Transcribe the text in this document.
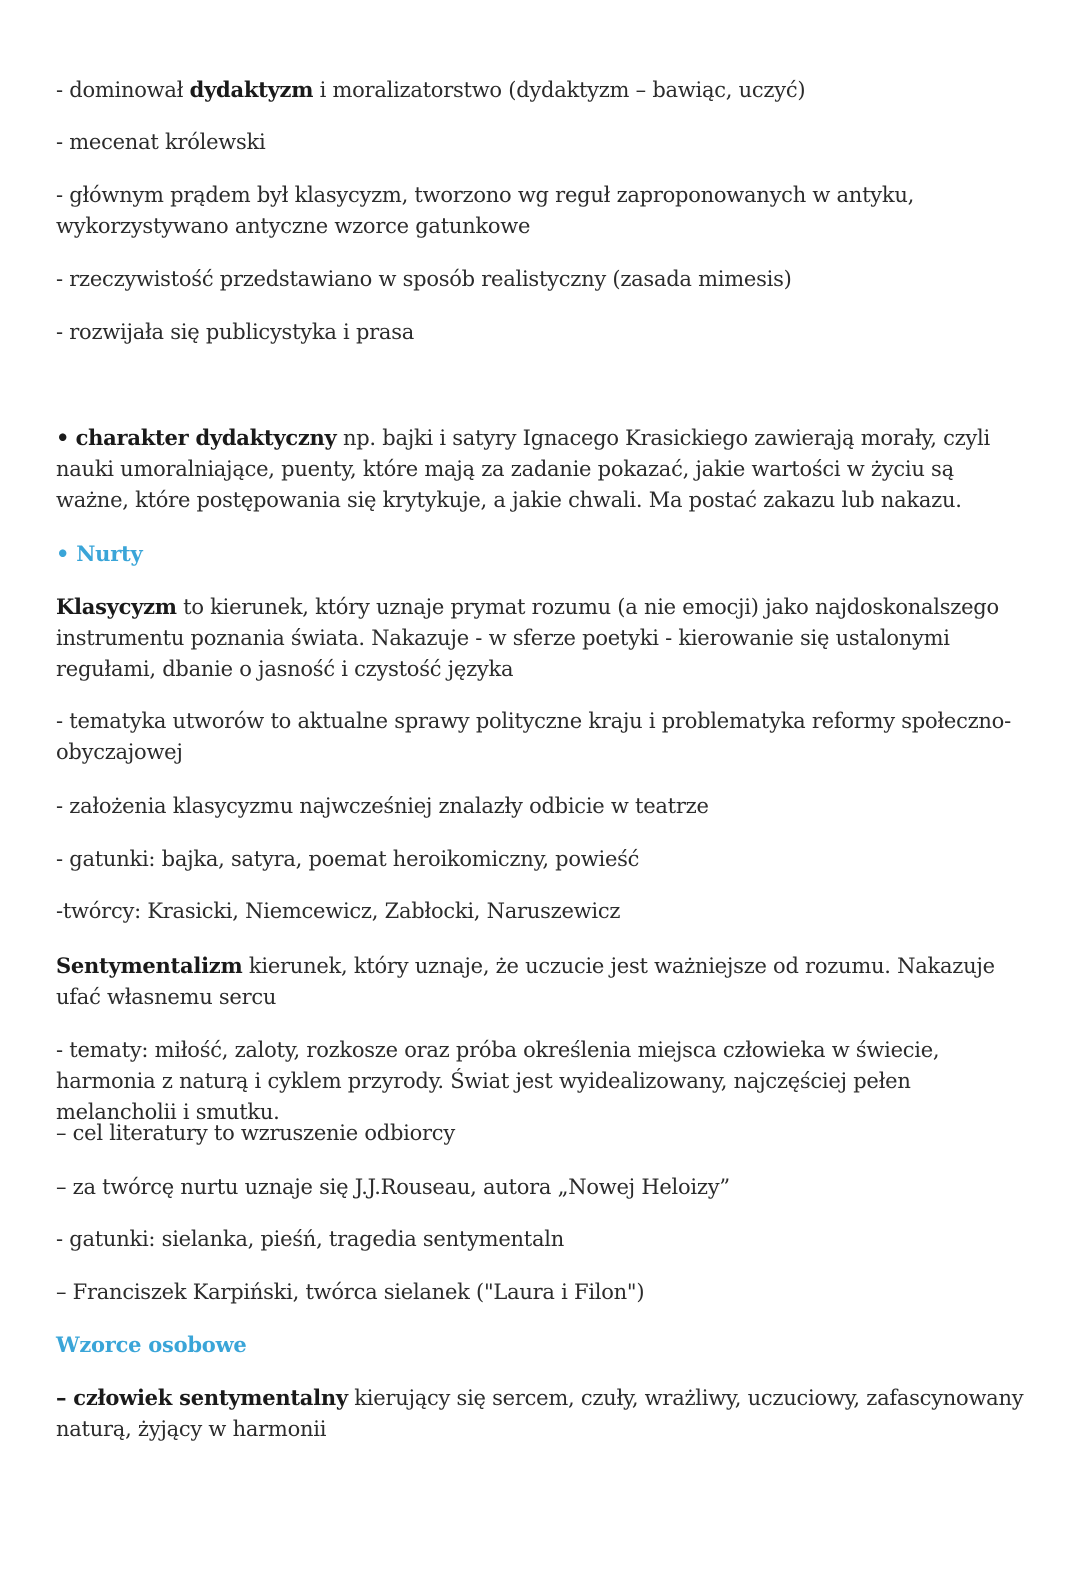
- dominował dydaktyzm i moralizatorstwo (dydaktyzm – bawiąc, uczyć)

- mecenat królewski

- głównym prądem był klasycyzm, tworzono wg reguł zaproponowanych w antyku, wykorzystywano antyczne wzorce gatunkowe

- rzeczywistość przedstawiano w sposób realistyczny (zasada mimesis)

- rozwijała się publicystyka i prasa

• charakter dydaktyczny np. bajki i satyry Ignacego Krasickiego zawierają morały, czyli nauki umoralniające, puenty, które mają za zadanie pokazać, jakie wartości w życiu są ważne, które postępowania się krytykuje, a jakie chwali. Ma postać zakazu lub nakazu.

• Nurty

Klasycyzm to kierunek, który uznaje prymat rozumu (a nie emocji) jako najdoskonalszego instrumentu poznania świata. Nakazuje - w sferze poetyki - kierowanie się ustalonymi regułami, dbanie o jasność i czystość języka

- tematyka utworów to aktualne sprawy polityczne kraju i problematyka reformy społeczno-obyczajowej

- założenia klasycyzmu najwcześniej znalazły odbicie w teatrze

- gatunki: bajka, satyra, poemat heroikomiczny, powieść

-twórcy: Krasicki, Niemcewicz, Zabłocki, Naruszewicz

Sentymentalizm kierunek, który uznaje, że uczucie jest ważniejsze od rozumu. Nakazuje ufać własnemu sercu

- tematy: miłość, zaloty, rozkosze oraz próba określenia miejsca człowieka w świecie, harmonia z naturą i cyklem przyrody. Świat jest wyidealizowany, najczęściej pełen melancholii i smutku.

– cel literatury to wzruszenie odbiorcy

– za twórcę nurtu uznaje się J.J.Rouseau, autora „Nowej Heloizy”

- gatunki: sielanka, pieśń, tragedia sentymentaln

– Franciszek Karpiński, twórca sielanek ("Laura i Filon")

Wzorce osobowe

– człowiek sentymentalny kierujący się sercem, czuły, wrażliwy, uczuciowy, zafascynowany naturą, żyjący w harmonii
